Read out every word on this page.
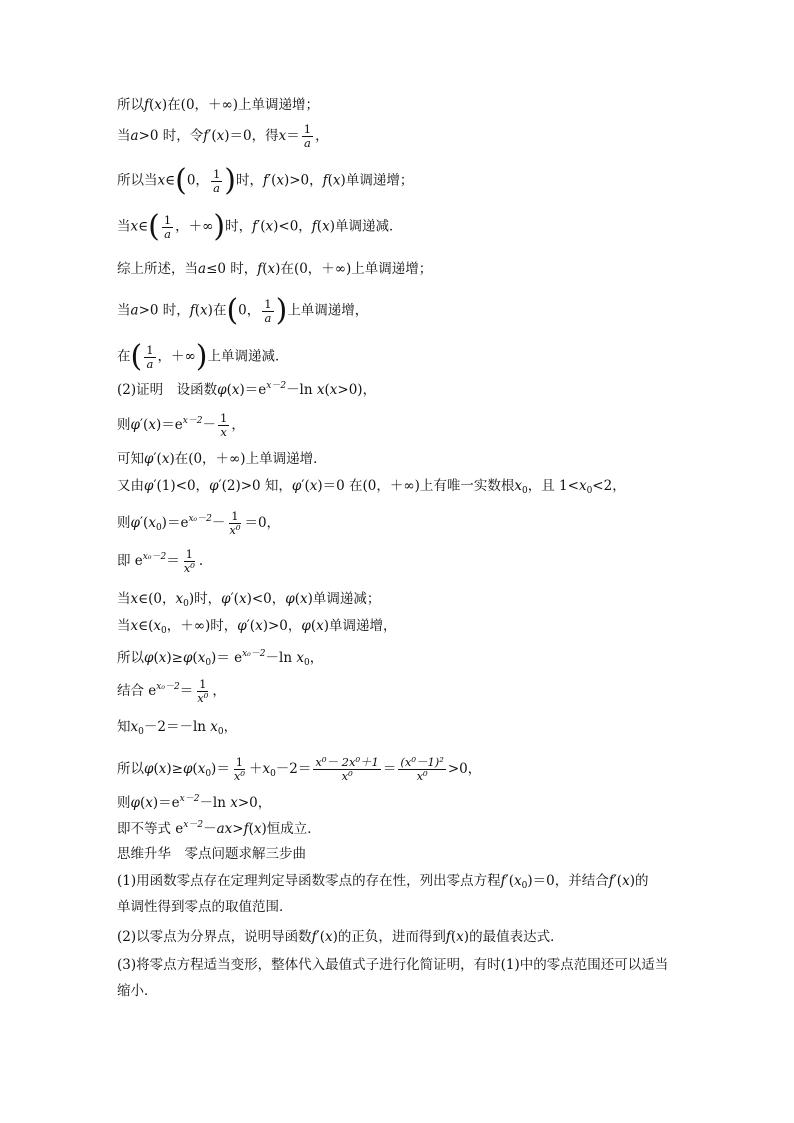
所以f(x)在(0，＋∞)上单调递增；
当a>0 时，令f′(x)＝0，得$x= \frac{1}{a}$ ，
所以当x∈(0， $\frac{1}{a}$ )时，f′(x)>0，f(x)单调递增；
当x∈( $\frac{1}{a}$ ，＋∞)时，f′(x)<0，f(x)单调递减．
综上所述，当a≤0 时，f(x)在(0，＋∞)上单调递增；
当a>0 时，f(x)在(0， $\frac{1}{a}$ )上单调递增，
在( $\frac{1}{a}$ ，＋∞)上单调递减．
(2)证明　设函数$\varphi(x)=e^{x-2}-\ln$ x(x>0)，
则$\varphi'(x)=e^{x-2}- \frac{1}{x}$ ，
可知φ′(x)在(0，＋∞)上单调递增．
又由φ′(1)<0，φ′(2)>0 知，φ′(x)＝0 在(0，＋∞)上有唯一实数根$x_0$，且 $1<x_0<2$，
则$\varphi'(x_0)=e^{x_0-2}- \frac{1}{\text{x⁰}} =0$，
即 $e^{x_0-2}= \frac{1}{\text{x⁰}}$ .
当x∈(0，$x_0$)时，φ′(x)<0，φ(x)单调递减；
当$x\in(x_0$，＋∞)时，φ′(x)>0，φ(x)单调递增，
所以$\varphi(x)\ge\varphi(x_0)= e^{x_0-2}-\ln$ $x_0$，
结合 $e^{x_0-2}= \frac{1}{\text{x⁰}}$ ，
知$x_0-2=-\ln$ $x_0$，
所以$\varphi(x)\ge\varphi(x_0)= \frac{1}{\text{x⁰}} +x_0-2= \frac{\text{x⁰－ 2x⁰＋1}}{\text{x⁰}} = \frac{\text{(x⁰－1)²}}{\text{x⁰}} >0$，
则$\varphi(x)=e^{x-2}-\ln$ x>0，
即不等式 $e^{x-2}-ax>f(x)$恒成立．
思维升华　零点问题求解三步曲
(1)用函数零点存在定理判定导函数零点的存在性，列出零点方程$f'(x_0)=0$，并结合f′(x)的
单调性得到零点的取值范围．
(2)以零点为分界点，说明导函数f′(x)的正负，进而得到f(x)的最值表达式．
(3)将零点方程适当变形，整体代入最值式子进行化简证明，有时(1)中的零点范围还可以适当
缩小．
